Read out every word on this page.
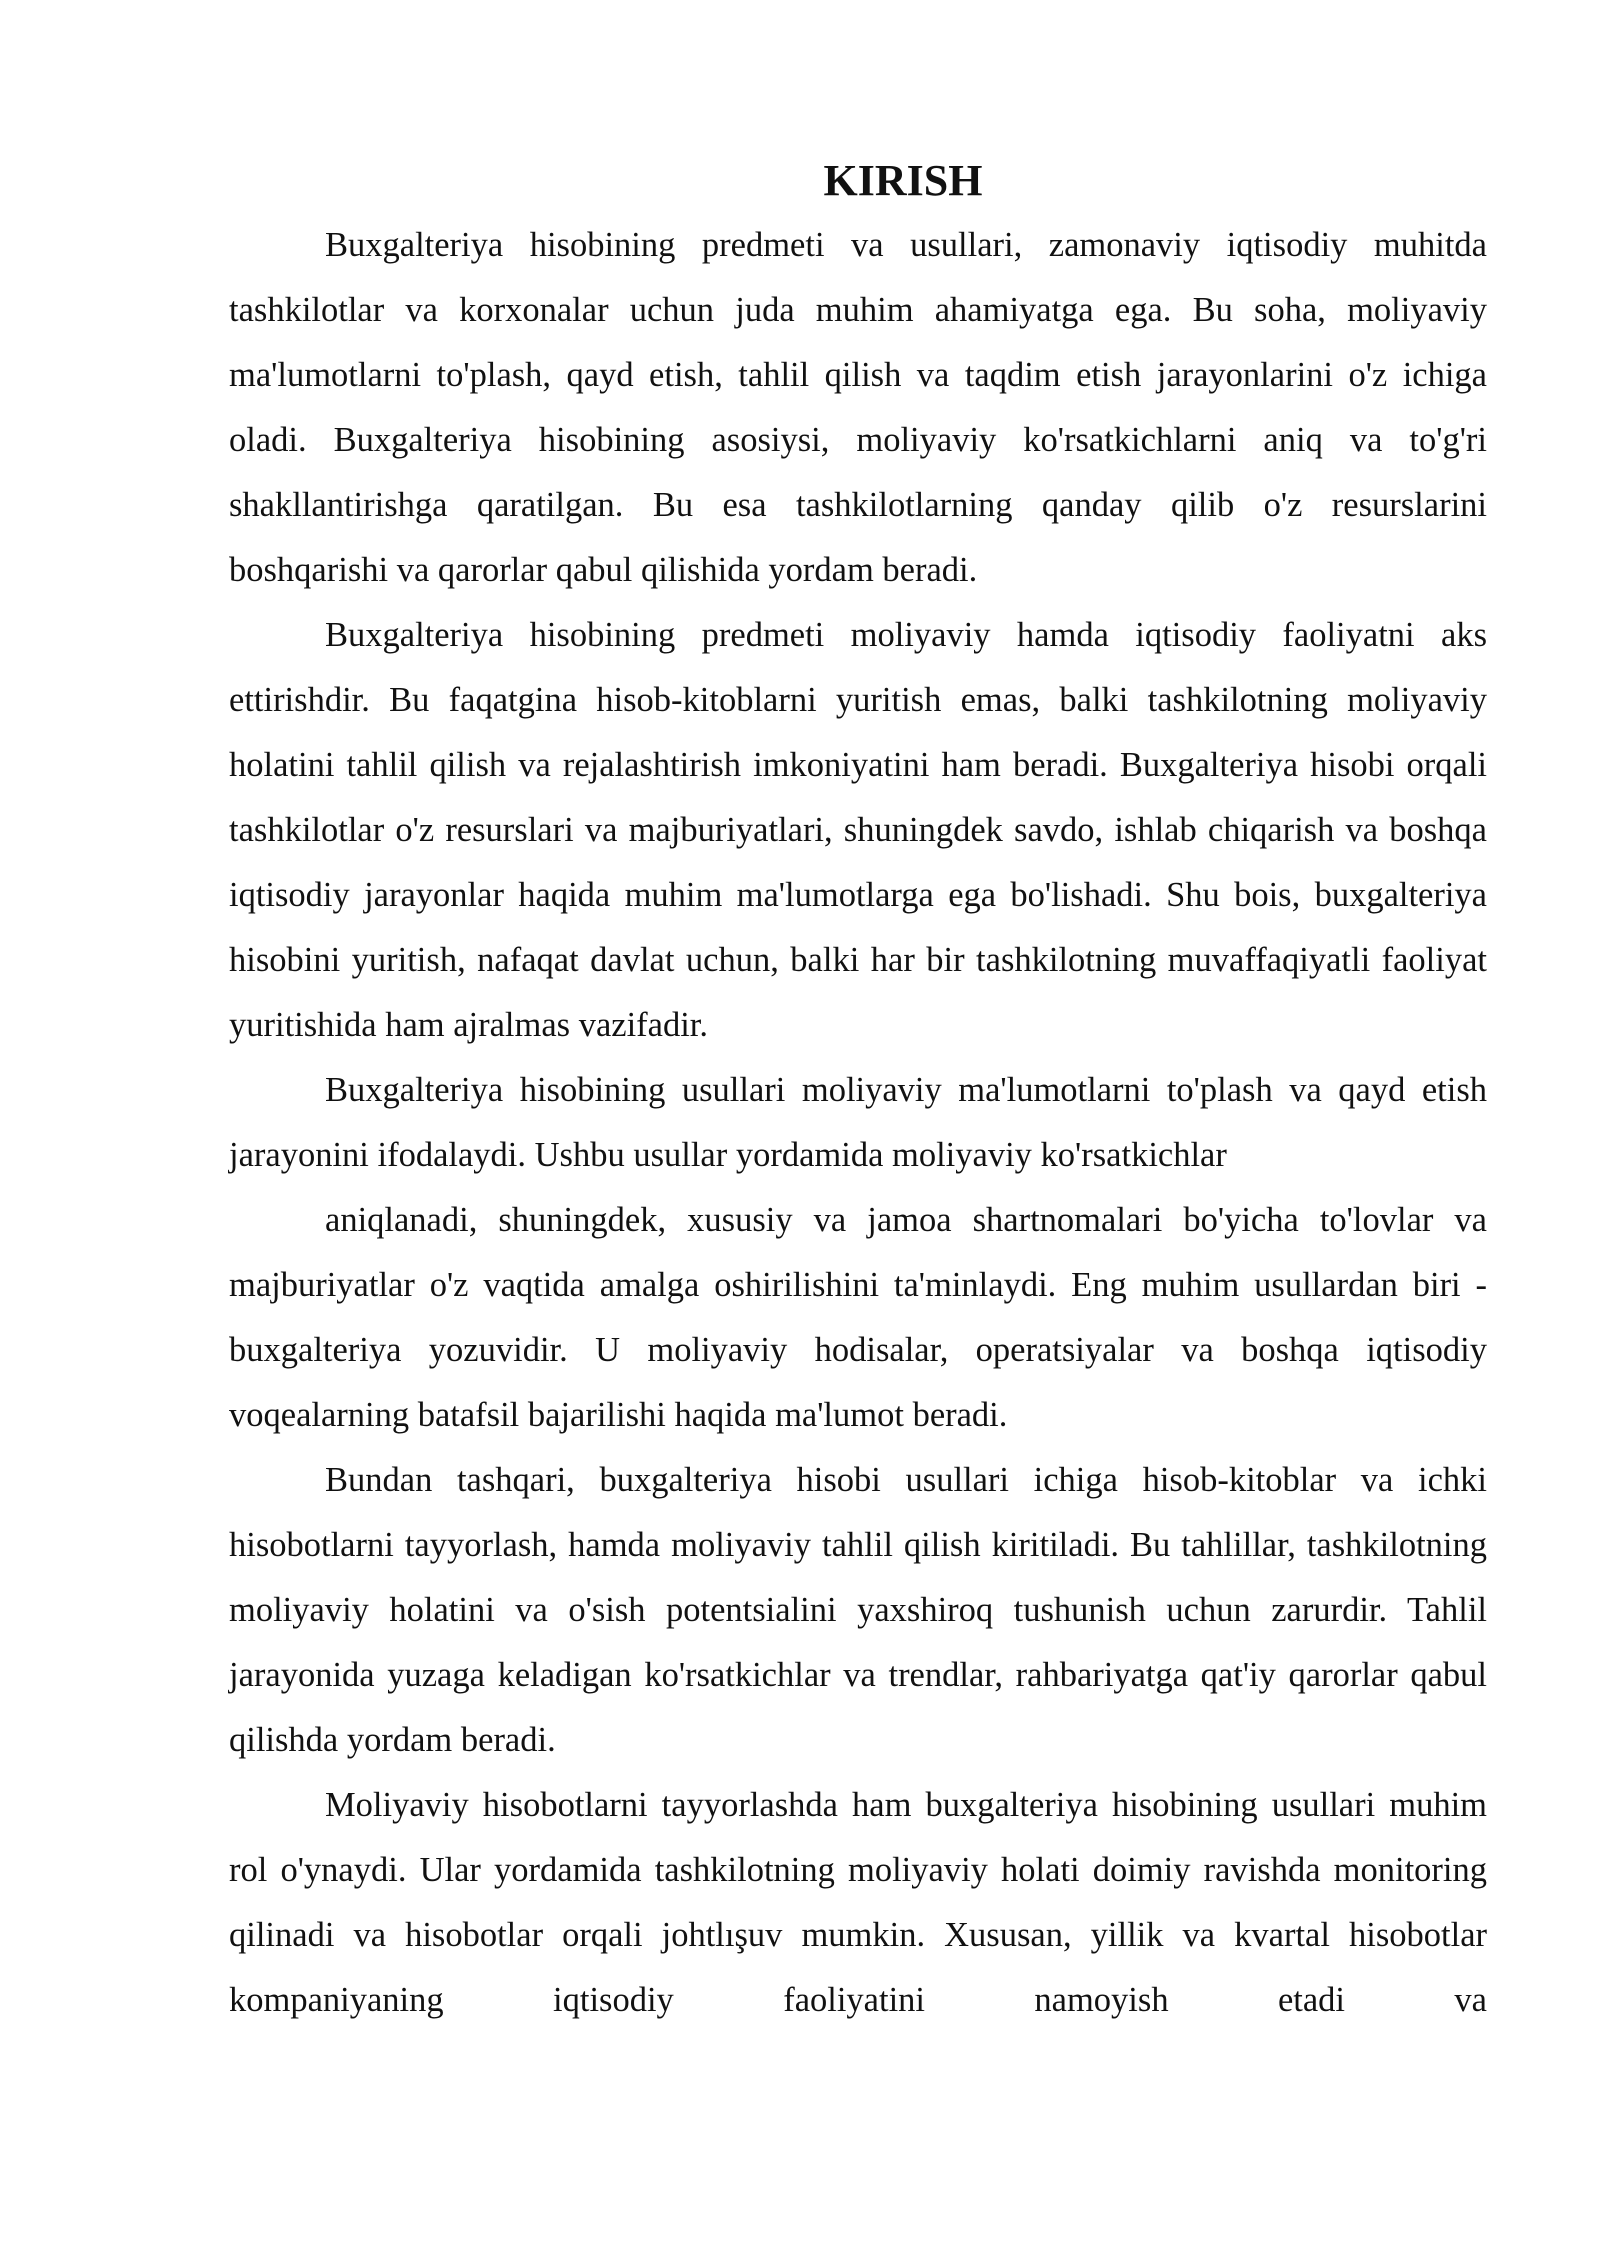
KIRISH

Buxgalteriya hisobining predmeti va usullari, zamonaviy iqtisodiy muhitda tashkilotlar va korxonalar uchun juda muhim ahamiyatga ega. Bu soha, moliyaviy ma'lumotlarni to'plash, qayd etish, tahlil qilish va taqdim etish jarayonlarini o'z ichiga oladi. Buxgalteriya hisobining asosiysi, moliyaviy ko'rsatkichlarni aniq va to'g'ri shakllantirishga qaratilgan. Bu esa tashkilotlarning qanday qilib o'z resurslarini boshqarishi va qarorlar qabul qilishida yordam beradi.

Buxgalteriya hisobining predmeti moliyaviy hamda iqtisodiy faoliyatni aks ettirishdir. Bu faqatgina hisob-kitoblarni yuritish emas, balki tashkilotning moliyaviy holatini tahlil qilish va rejalashtirish imkoniyatini ham beradi. Buxgalteriya hisobi orqali tashkilotlar o'z resurslari va majburiyatlari, shuningdek savdo, ishlab chiqarish va boshqa iqtisodiy jarayonlar haqida muhim ma'lumotlarga ega bo'lishadi. Shu bois, buxgalteriya hisobini yuritish, nafaqat davlat uchun, balki har bir tashkilotning muvaffaqiyatli faoliyat yuritishida ham ajralmas vazifadir.

Buxgalteriya hisobining usullari moliyaviy ma'lumotlarni to'plash va qayd etish jarayonini ifodalaydi. Ushbu usullar yordamida moliyaviy ko'rsatkichlar

aniqlanadi, shuningdek, xususiy va jamoa shartnomalari bo'yicha to'lovlar va majburiyatlar o'z vaqtida amalga oshirilishini ta'minlaydi. Eng muhim usullardan biri - buxgalteriya yozuvidir. U moliyaviy hodisalar, operatsiyalar va boshqa iqtisodiy voqealarning batafsil bajarilishi haqida ma'lumot beradi.

Bundan tashqari, buxgalteriya hisobi usullari ichiga hisob-kitoblar va ichki hisobotlarni tayyorlash, hamda moliyaviy tahlil qilish kiritiladi. Bu tahlillar, tashkilotning moliyaviy holatini va o'sish potentsialini yaxshiroq tushunish uchun zarurdir. Tahlil jarayonida yuzaga keladigan ko'rsatkichlar va trendlar, rahbariyatga qat'iy qarorlar qabul qilishda yordam beradi.

Moliyaviy hisobotlarni tayyorlashda ham buxgalteriya hisobining usullari muhim rol o'ynaydi. Ular yordamida tashkilotning moliyaviy holati doimiy ravishda monitoring qilinadi va hisobotlar orqali johtlışuv mumkin. Xususan, yillik va kvartal hisobotlar kompaniyaning iqtisodiy faoliyatini namoyish etadi va
